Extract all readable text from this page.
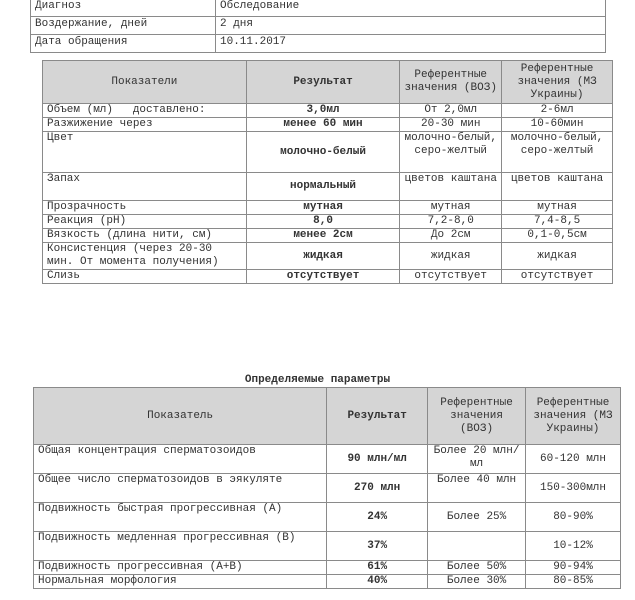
Диагноз	Обследование
Воздержание, дней	2 дня
Дата обращения	10.11.2017
Показатели	Результат	Референтные значения (ВОЗ)	Референтные значения (МЗ Украины)
Объем (мл)   доставлено:	3,0мл	От 2,0мл	2-6мл
Разжижение через	менее 60 мин	20-30 мин	10-60мин
Цвет	молочно-белый	молочно-белый, серо-желтый	молочно-белый, серо-желтый
Запах	нормальный	цветов каштана	цветов каштана
Прозрачность	мутная	мутная	мутная
Реакция (pH)	8,0	7,2-8,0	7,4-8,5
Вязкость (длина нити, см)	менее 2см	До 2см	0,1-0,5см
Консистенция (через 20-30 мин. От момента получения)	жидкая	жидкая	жидкая
Слизь	отсутствует	отсутствует	отсутствует
Определяемые параметры
Показатель	Результат	Референтные значения (ВОЗ)	Референтные значения (МЗ Украины)
Общая концентрация сперматозоидов	90 млн/мл	Более 20 млн/мл	60-120 млн
Общее число сперматозоидов в эякуляте	270 млн	Более 40 млн	150-300млн
Подвижность быстрая прогрессивная (А)	24%	Более 25%	80-90%
Подвижность медленная прогрессивная (В)	37%		10-12%
Подвижность прогрессивная (А+В)	61%	Более 50%	90-94%
Нормальная морфология	40%	Более 30%	80-85%
